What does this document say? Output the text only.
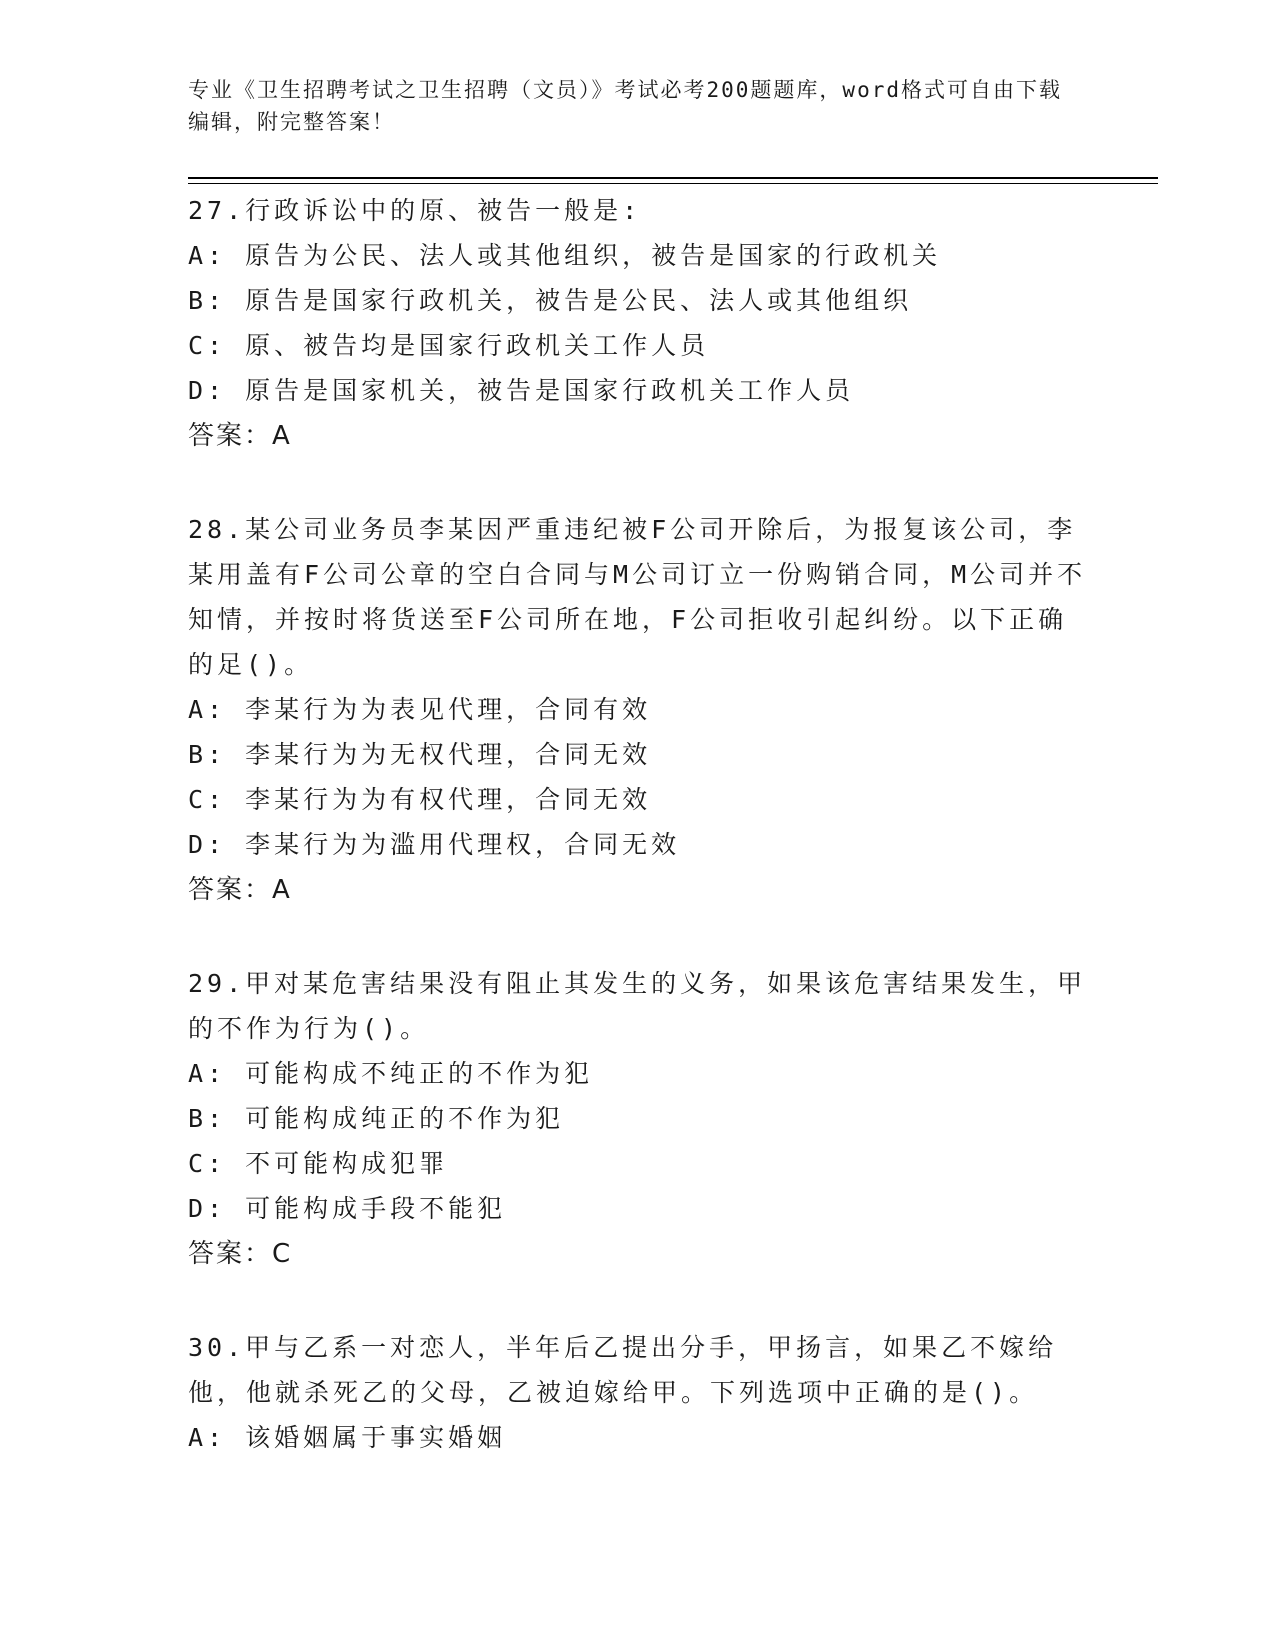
专业《卫生招聘考试之卫生招聘（文员）》考试必考200题题库，word格式可自由下载编辑，附完整答案！
27.行政诉讼中的原、被告一般是:
A: 原告为公民、法人或其他组织，被告是国家的行政机关
B: 原告是国家行政机关，被告是公民、法人或其他组织
C: 原、被告均是国家行政机关工作人员
D: 原告是国家机关，被告是国家行政机关工作人员
答案：A
28.某公司业务员李某因严重违纪被F公司开除后，为报复该公司，李某用盖有F公司公章的空白合同与M公司订立一份购销合同，M公司并不知情，并按时将货送至F公司所在地，F公司拒收引起纠纷。以下正确的足()。
A: 李某行为为表见代理，合同有效
B: 李某行为为无权代理，合同无效
C: 李某行为为有权代理，合同无效
D: 李某行为为滥用代理权，合同无效
答案：A
29.甲对某危害结果没有阻止其发生的义务，如果该危害结果发生，甲的不作为行为()。
A: 可能构成不纯正的不作为犯
B: 可能构成纯正的不作为犯
C: 不可能构成犯罪
D: 可能构成手段不能犯
答案：C
30.甲与乙系一对恋人，半年后乙提出分手，甲扬言，如果乙不嫁给他，他就杀死乙的父母，乙被迫嫁给甲。下列选项中正确的是()。
A: 该婚姻属于事实婚姻
